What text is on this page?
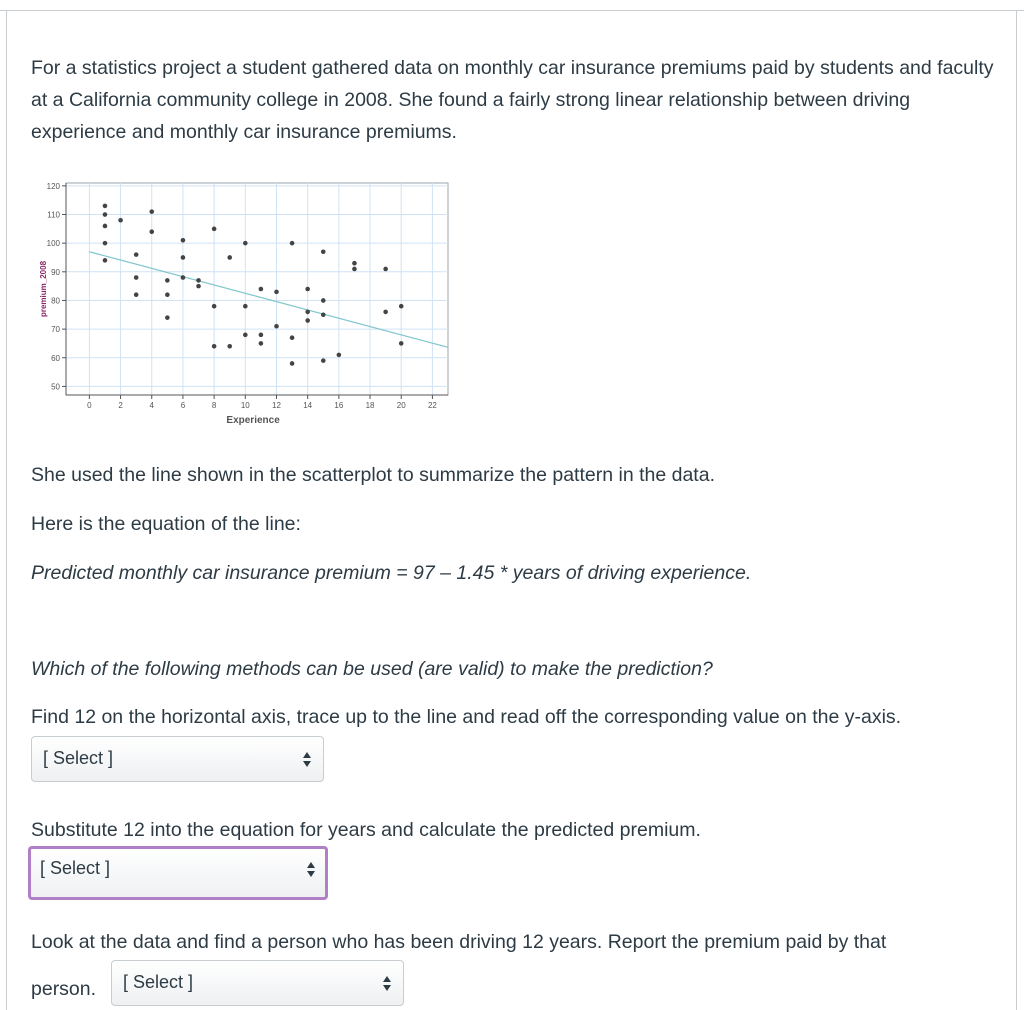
For a statistics project a student gathered data on monthly car insurance premiums paid by students and faculty at a California community college in 2008. She found a fairly strong linear relationship between driving experience and monthly car insurance premiums.

0	2	4	6	8	10	12	14	16	18	20	22
50
60
70
80
90
100
110
120
Experience
premium_2008

She used the line shown in the scatterplot to summarize the pattern in the data.

Here is the equation of the line:

Predicted monthly car insurance premium = 97 – 1.45 * years of driving experience.

Which of the following methods can be used (are valid) to make the prediction?

Find 12 on the horizontal axis, trace up to the line and read off the corresponding value on the y-axis.

[ Select ]

Substitute 12 into the equation for years and calculate the predicted premium.

[ Select ]

Look at the data and find a person who has been driving 12 years. Report the premium paid by that

person. [ Select ]
